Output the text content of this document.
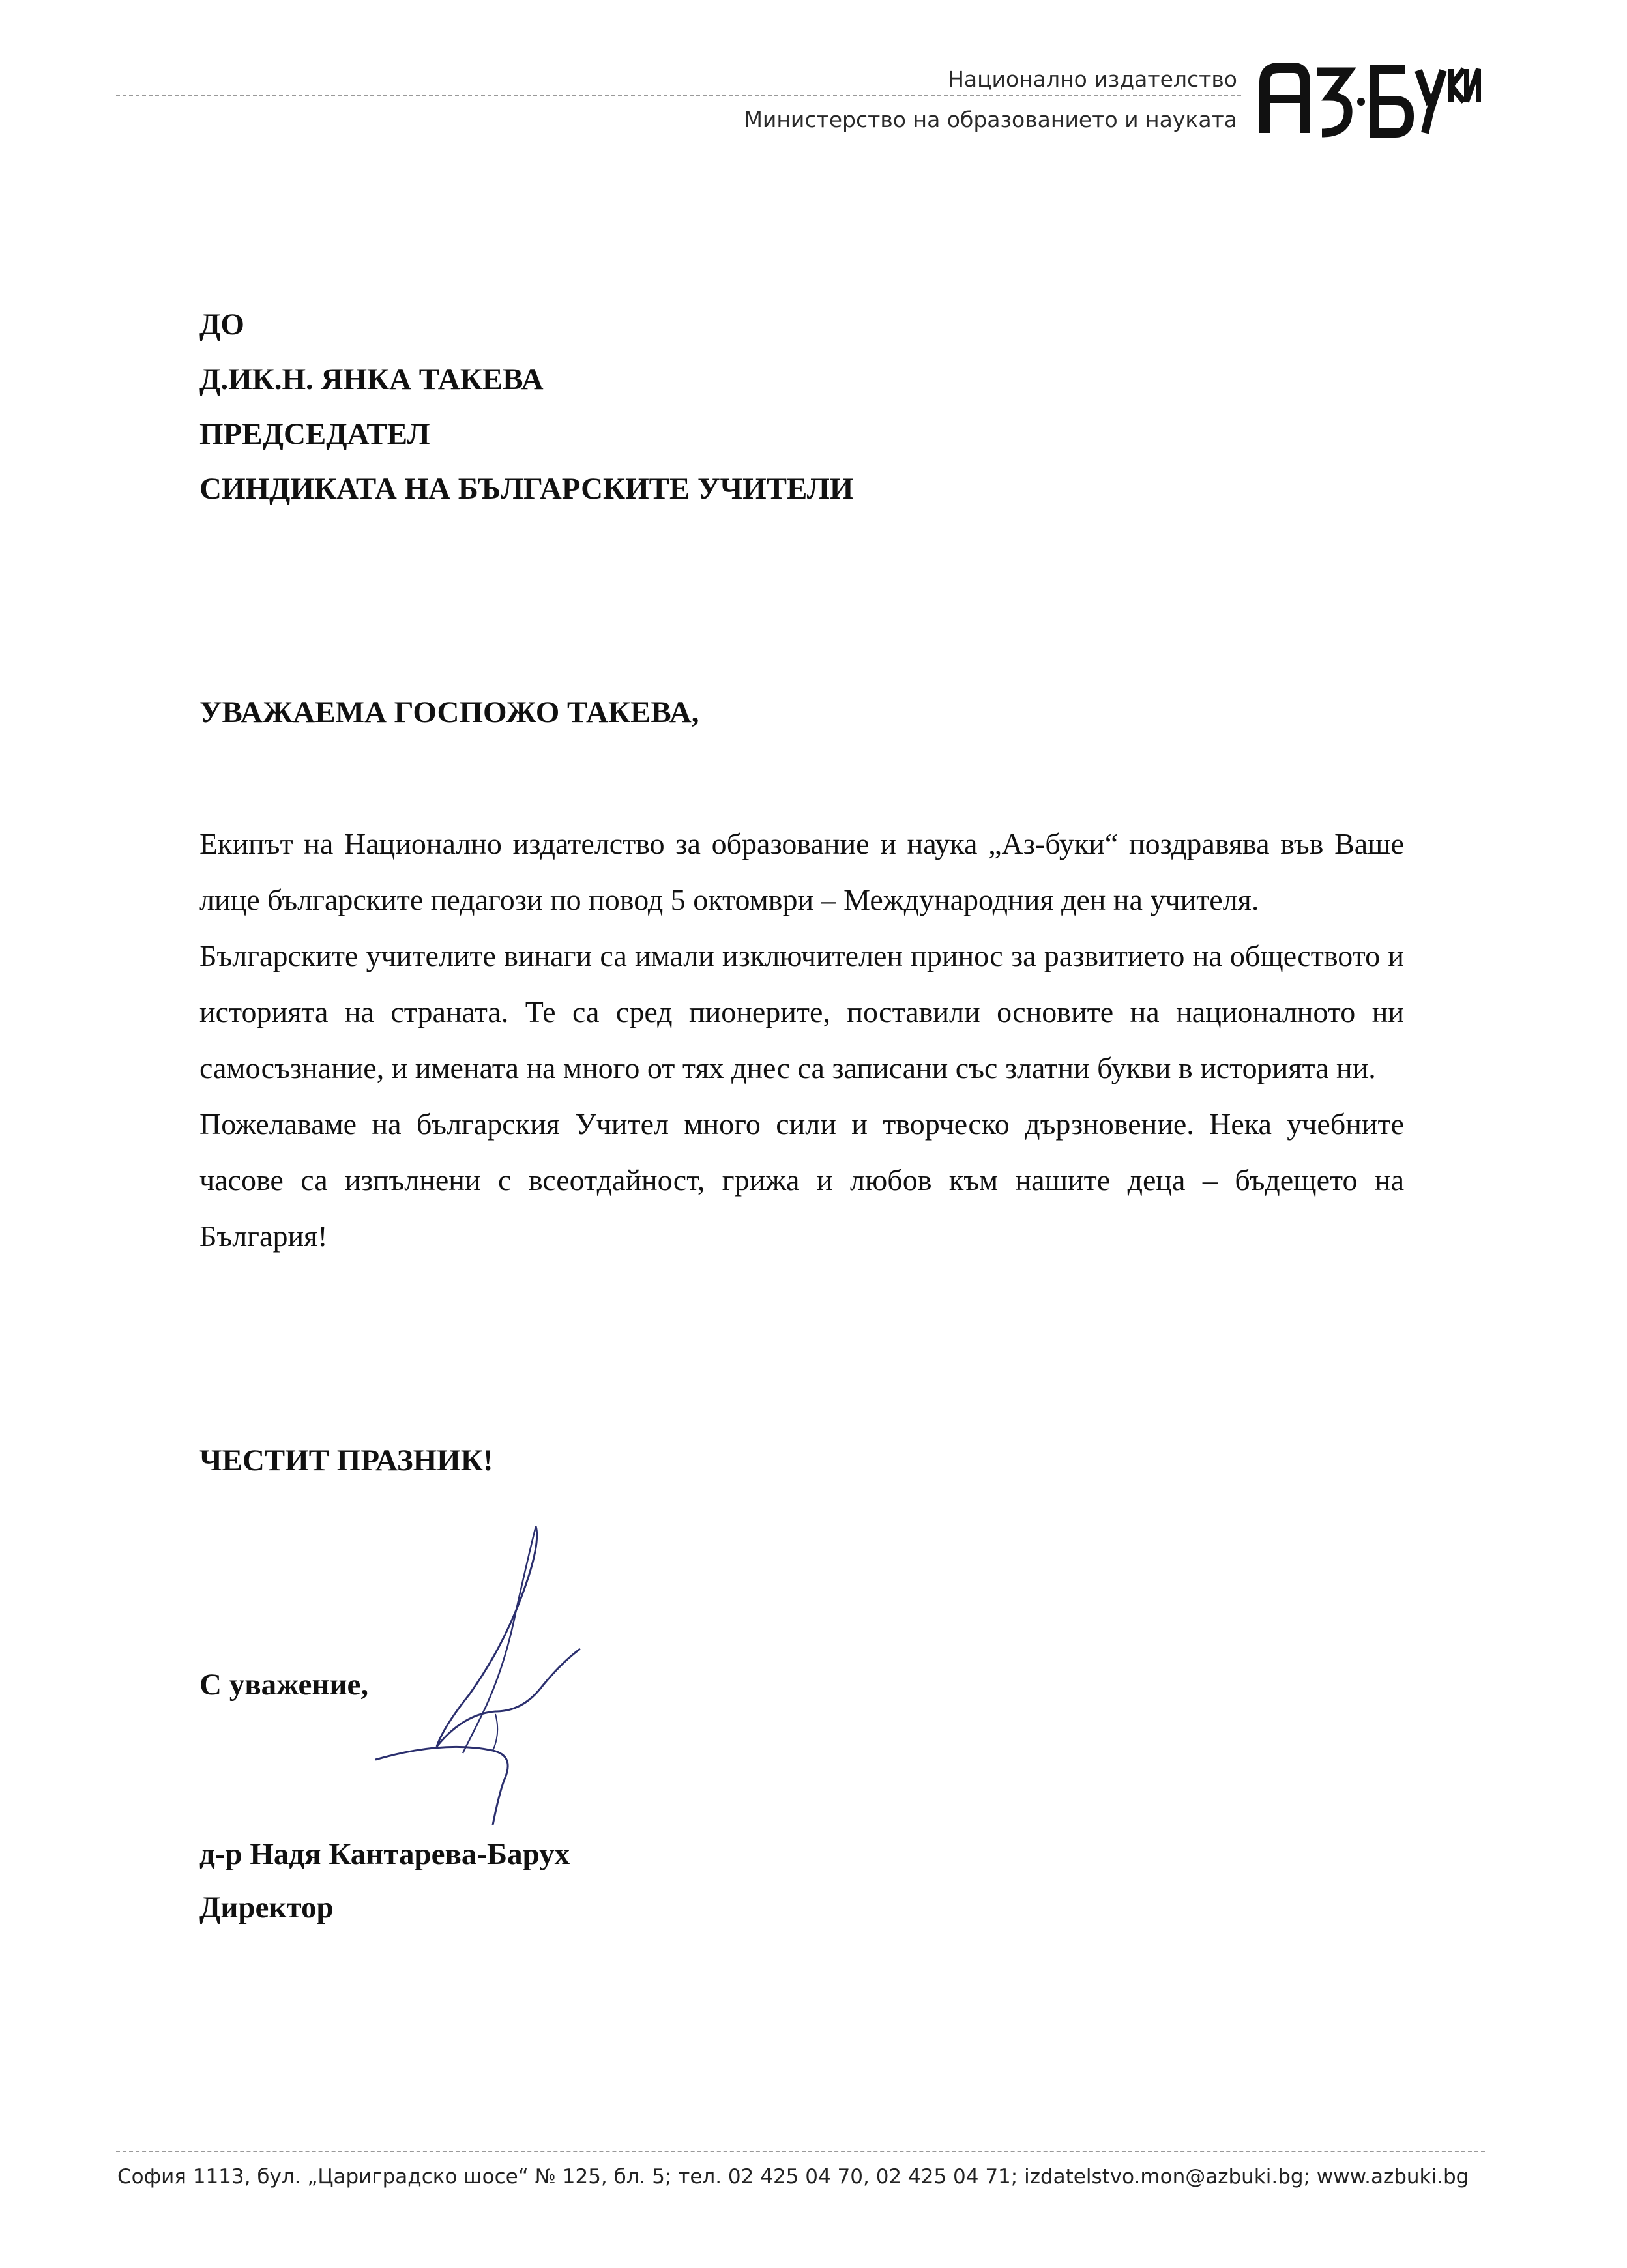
Национално издателство
Министерство на образованието и науката
ДО
Д.ИК.Н. ЯНКА ТАКЕВА
ПРЕДСЕДАТЕЛ
СИНДИКАТА НА БЪЛГАРСКИТЕ УЧИТЕЛИ
УВАЖАЕМА ГОСПОЖО ТАКЕВА,

Екипът на Национално издателство за образование и наука „Аз-буки“ поздравява във Ваше лице българските педагози по повод 5 октомври – Международния ден на учителя.

Българските учителите винаги са имали изключителен принос за развитието на обществото и историята на страната. Те са сред пионерите, поставили основите на националното ни самосъзнание, и имената на много от тях днес са записани със златни букви в историята ни.

Пожелаваме на българския Учител много сили и творческо дързновение. Нека учебните часове са изпълнени с всеотдайност, грижа и любов към нашите деца – бъдещето на България!

ЧЕСТИТ ПРАЗНИК!
С уважение,
д-р Надя Кантарева-Барух
Директор
София 1113, бул. „Цариградско шосе“ № 125, бл. 5; тел. 02 425 04 70, 02 425 04 71; izdatelstvo.mon@azbuki.bg; www.azbuki.bg
